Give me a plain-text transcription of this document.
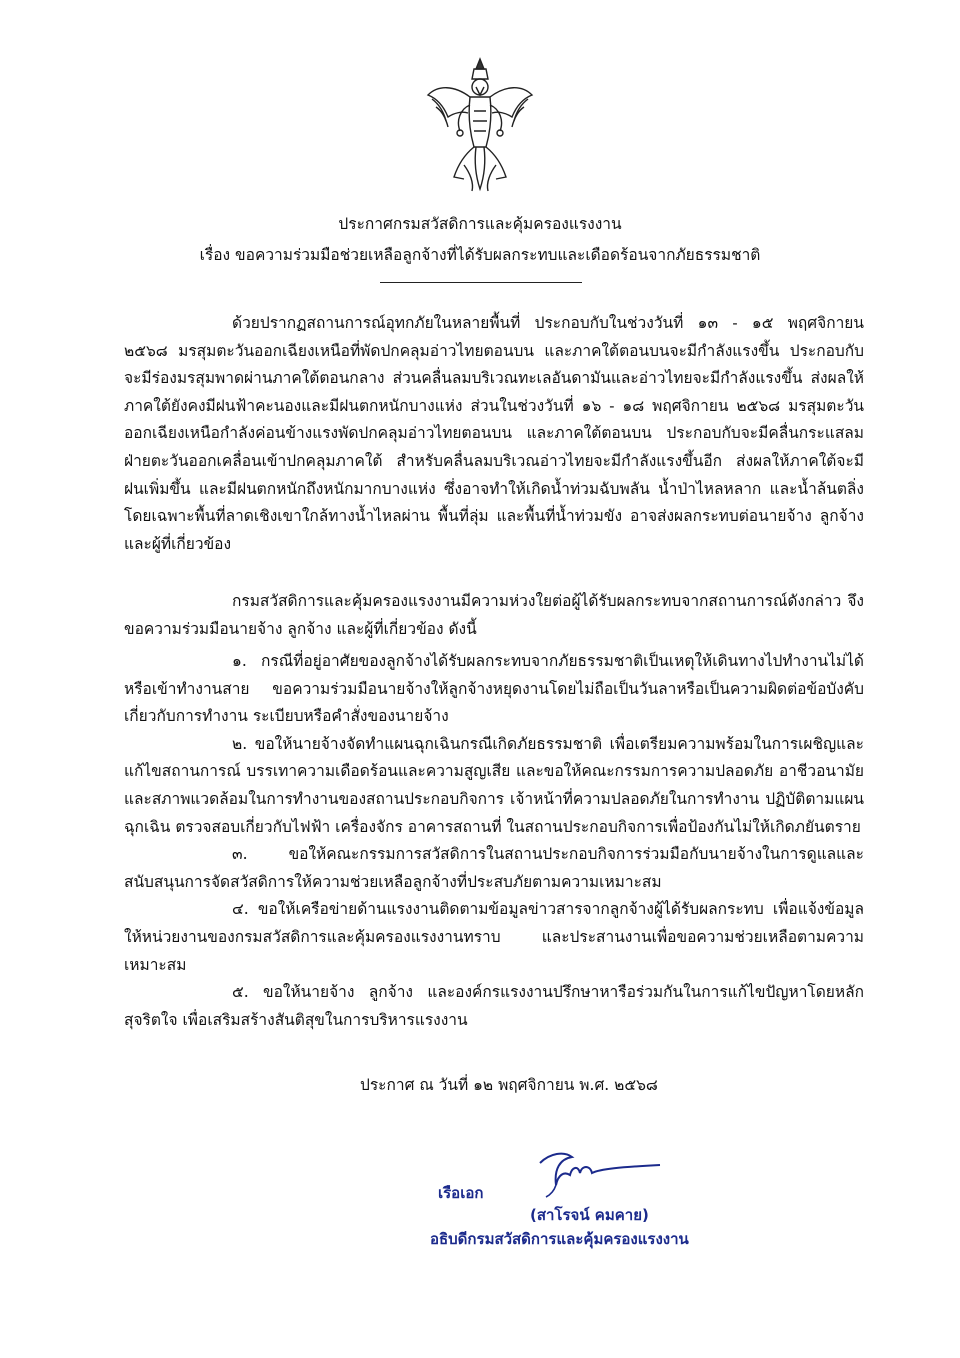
ประกาศกรมสวัสดิการและคุ้มครองแรงงาน
เรื่อง ขอความร่วมมือช่วยเหลือลูกจ้างที่ได้รับผลกระทบและเดือดร้อนจากภัยธรรมชาติ

ด้วยปรากฏสถานการณ์อุทกภัยในหลายพื้นที่ ประกอบกับในช่วงวันที่ ๑๓ - ๑๕ พฤศจิกายน ๒๕๖๘ มรสุมตะวันออกเฉียงเหนือที่พัดปกคลุมอ่าวไทยตอนบน และภาคใต้ตอนบนจะมีกำลังแรงขึ้น ประกอบกับจะมีร่องมรสุมพาดผ่านภาคใต้ตอนกลาง ส่วนคลื่นลมบริเวณทะเลอันดามันและอ่าวไทยจะมีกำลังแรงขึ้น ส่งผลให้ภาคใต้ยังคงมีฝนฟ้าคะนองและมีฝนตกหนักบางแห่ง ส่วนในช่วงวันที่ ๑๖ - ๑๘ พฤศจิกายน ๒๕๖๘ มรสุมตะวันออกเฉียงเหนือกำลังค่อนข้างแรงพัดปกคลุมอ่าวไทยตอนบน และภาคใต้ตอนบน ประกอบกับจะมีคลื่นกระแสลมฝ่ายตะวันออกเคลื่อนเข้าปกคลุมภาคใต้ สำหรับคลื่นลมบริเวณอ่าวไทยจะมีกำลังแรงขึ้นอีก ส่งผลให้ภาคใต้จะมีฝนเพิ่มขึ้น และมีฝนตกหนักถึงหนักมากบางแห่ง ซึ่งอาจทำให้เกิดน้ำท่วมฉับพลัน น้ำป่าไหลหลาก และน้ำล้นตลิ่ง โดยเฉพาะพื้นที่ลาดเชิงเขาใกล้ทางน้ำไหลผ่าน พื้นที่ลุ่ม และพื้นที่น้ำท่วมขัง อาจส่งผลกระทบต่อนายจ้าง ลูกจ้าง และผู้ที่เกี่ยวข้อง

กรมสวัสดิการและคุ้มครองแรงงานมีความห่วงใยต่อผู้ได้รับผลกระทบจากสถานการณ์ดังกล่าว จึงขอความร่วมมือนายจ้าง ลูกจ้าง และผู้ที่เกี่ยวข้อง ดังนี้

๑. กรณีที่อยู่อาศัยของลูกจ้างได้รับผลกระทบจากภัยธรรมชาติเป็นเหตุให้เดินทางไปทำงานไม่ได้ หรือเข้าทำงานสาย ขอความร่วมมือนายจ้างให้ลูกจ้างหยุดงานโดยไม่ถือเป็นวันลาหรือเป็นความผิดต่อข้อบังคับเกี่ยวกับการทำงาน ระเบียบหรือคำสั่งของนายจ้าง

๒. ขอให้นายจ้างจัดทำแผนฉุกเฉินกรณีเกิดภัยธรรมชาติ เพื่อเตรียมความพร้อมในการเผชิญและแก้ไขสถานการณ์ บรรเทาความเดือดร้อนและความสูญเสีย และขอให้คณะกรรมการความปลอดภัย อาชีวอนามัย และสภาพแวดล้อมในการทำงานของสถานประกอบกิจการ เจ้าหน้าที่ความปลอดภัยในการทำงาน ปฏิบัติตามแผนฉุกเฉิน ตรวจสอบเกี่ยวกับไฟฟ้า เครื่องจักร อาคารสถานที่ ในสถานประกอบกิจการเพื่อป้องกันไม่ให้เกิดภยันตราย

๓. ขอให้คณะกรรมการสวัสดิการในสถานประกอบกิจการร่วมมือกับนายจ้างในการดูแลและสนับสนุนการจัดสวัสดิการให้ความช่วยเหลือลูกจ้างที่ประสบภัยตามความเหมาะสม

๔. ขอให้เครือข่ายด้านแรงงานติดตามข้อมูลข่าวสารจากลูกจ้างผู้ได้รับผลกระทบ เพื่อแจ้งข้อมูลให้หน่วยงานของกรมสวัสดิการและคุ้มครองแรงงานทราบ และประสานงานเพื่อขอความช่วยเหลือตามความเหมาะสม

๕. ขอให้นายจ้าง ลูกจ้าง และองค์กรแรงงานปรึกษาหารือร่วมกันในการแก้ไขปัญหาโดยหลักสุจริตใจ เพื่อเสริมสร้างสันติสุขในการบริหารแรงงาน

ประกาศ ณ วันที่ ๑๒ พฤศจิกายน พ.ศ. ๒๕๖๘
เรือเอก
(สาโรจน์ คมคาย)
อธิบดีกรมสวัสดิการและคุ้มครองแรงงาน
